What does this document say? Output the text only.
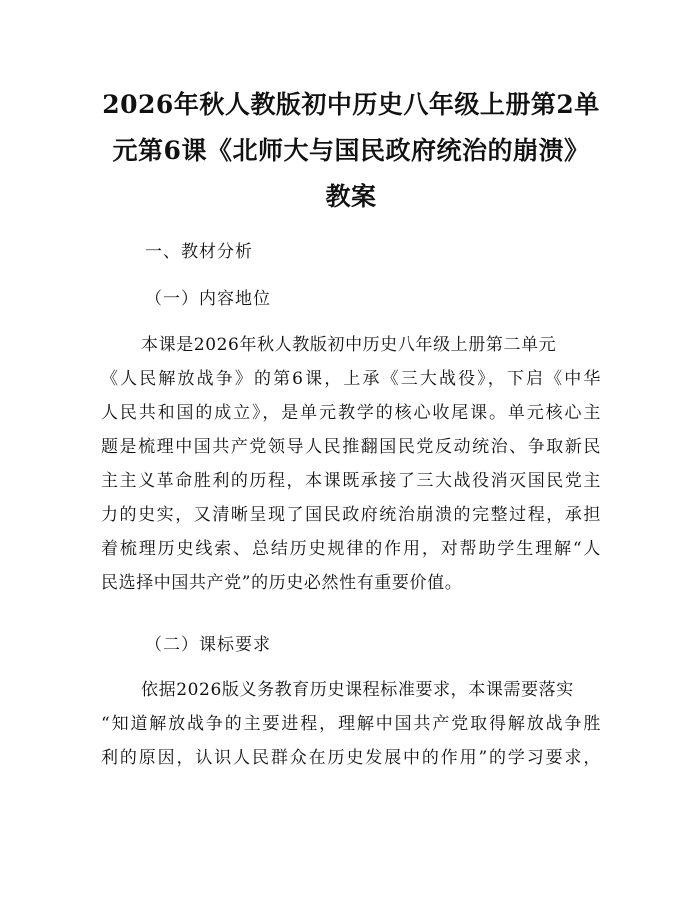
2026年秋人教版初中历史八年级上册第2单
元第6课《北师大与国民政府统治的崩溃》
教案

一、教材分析

（一）内容地位

本课是2026年秋人教版初中历史八年级上册第二单元
《人民解放战争》的第6课，上承《三大战役》，下启《中华
人民共和国的成立》，是单元教学的核心收尾课。单元核心主
题是梳理中国共产党领导人民推翻国民党反动统治、争取新民
主主义革命胜利的历程，本课既承接了三大战役消灭国民党主
力的史实，又清晰呈现了国民政府统治崩溃的完整过程，承担
着梳理历史线索、总结历史规律的作用，对帮助学生理解“人
民选择中国共产党”的历史必然性有重要价值。

（二）课标要求

依据2026版义务教育历史课程标准要求，本课需要落实
“知道解放战争的主要进程，理解中国共产党取得解放战争胜
利的原因，认识人民群众在历史发展中的作用”的学习要求，
